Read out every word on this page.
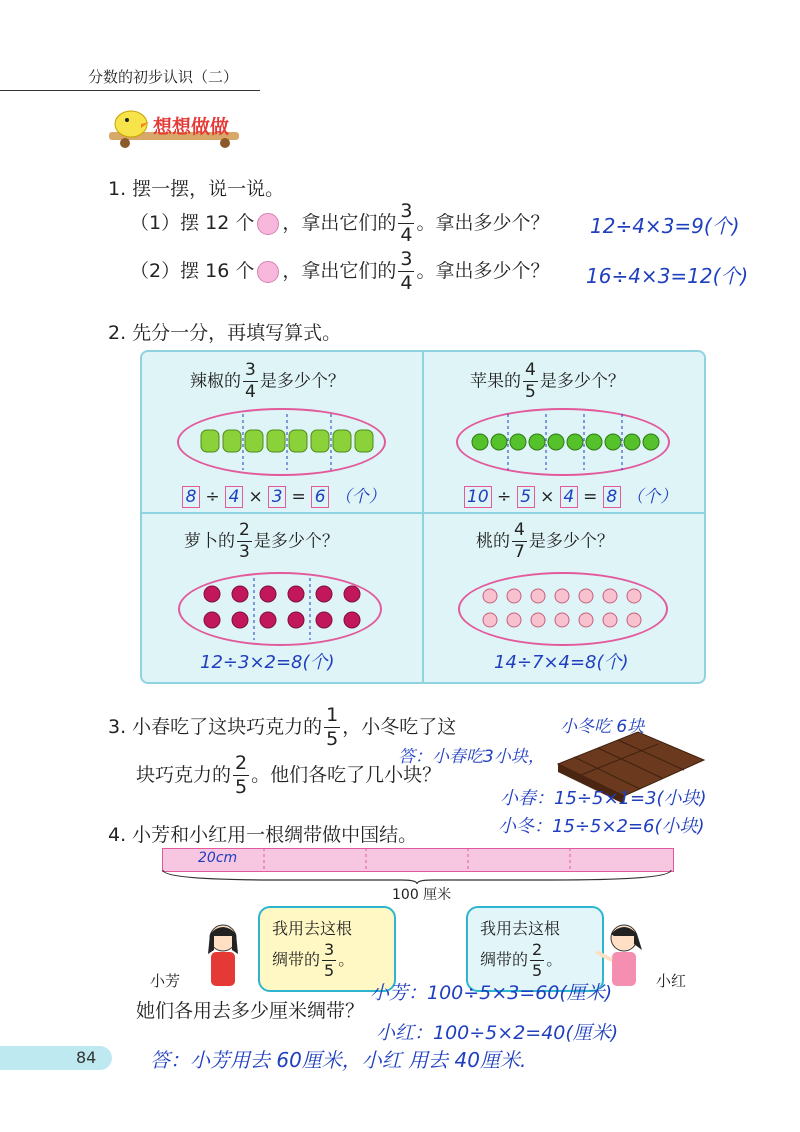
分数的初步认识（二）
想想做做
1. 摆一摆，说一说。
（1）摆 12 个 ，拿出它们的 $\frac{3}{4}$ 。拿出多少个？ 12÷4×3=9(个)
（2）摆 16 个 ，拿出它们的 $\frac{3}{4}$ 。拿出多少个？ 16÷4×3=12(个)
2. 先分一分，再填写算式。
辣椒的 $\frac{3}{4}$ 是多少个？
8 ÷ 4 × 3 = 6 （个）
苹果的 $\frac{4}{5}$ 是多少个？
10 ÷ 5 × 4 = 8 （个）
萝卜的 $\frac{2}{3}$ 是多少个？
12÷3×2=8(个)
桃的 $\frac{4}{7}$ 是多少个？
14÷7×4=8(个)
3. 小春吃了这块巧克力的 $\frac{1}{5}$ ，小冬吃了这
块巧克力的 $\frac{2}{5}$ 。他们各吃了几小块？
小冬吃 6块
答：小春吃3小块，
小春：15÷5×1=3(小块)
小冬：15÷5×2=6(小块)
4. 小芳和小红用一根绸带做中国结。
20cm
100 厘米
我用去这根
绸带的 $\frac{3}{5}$ 。
我用去这根
绸带的 $\frac{2}{5}$ 。
小芳	小红
她们各用去多少厘米绸带？
小芳：100÷5×3=60(厘米)
小红：100÷5×2=40(厘米)
答：小芳用去 60厘米，小红 用去 40厘米.
84
